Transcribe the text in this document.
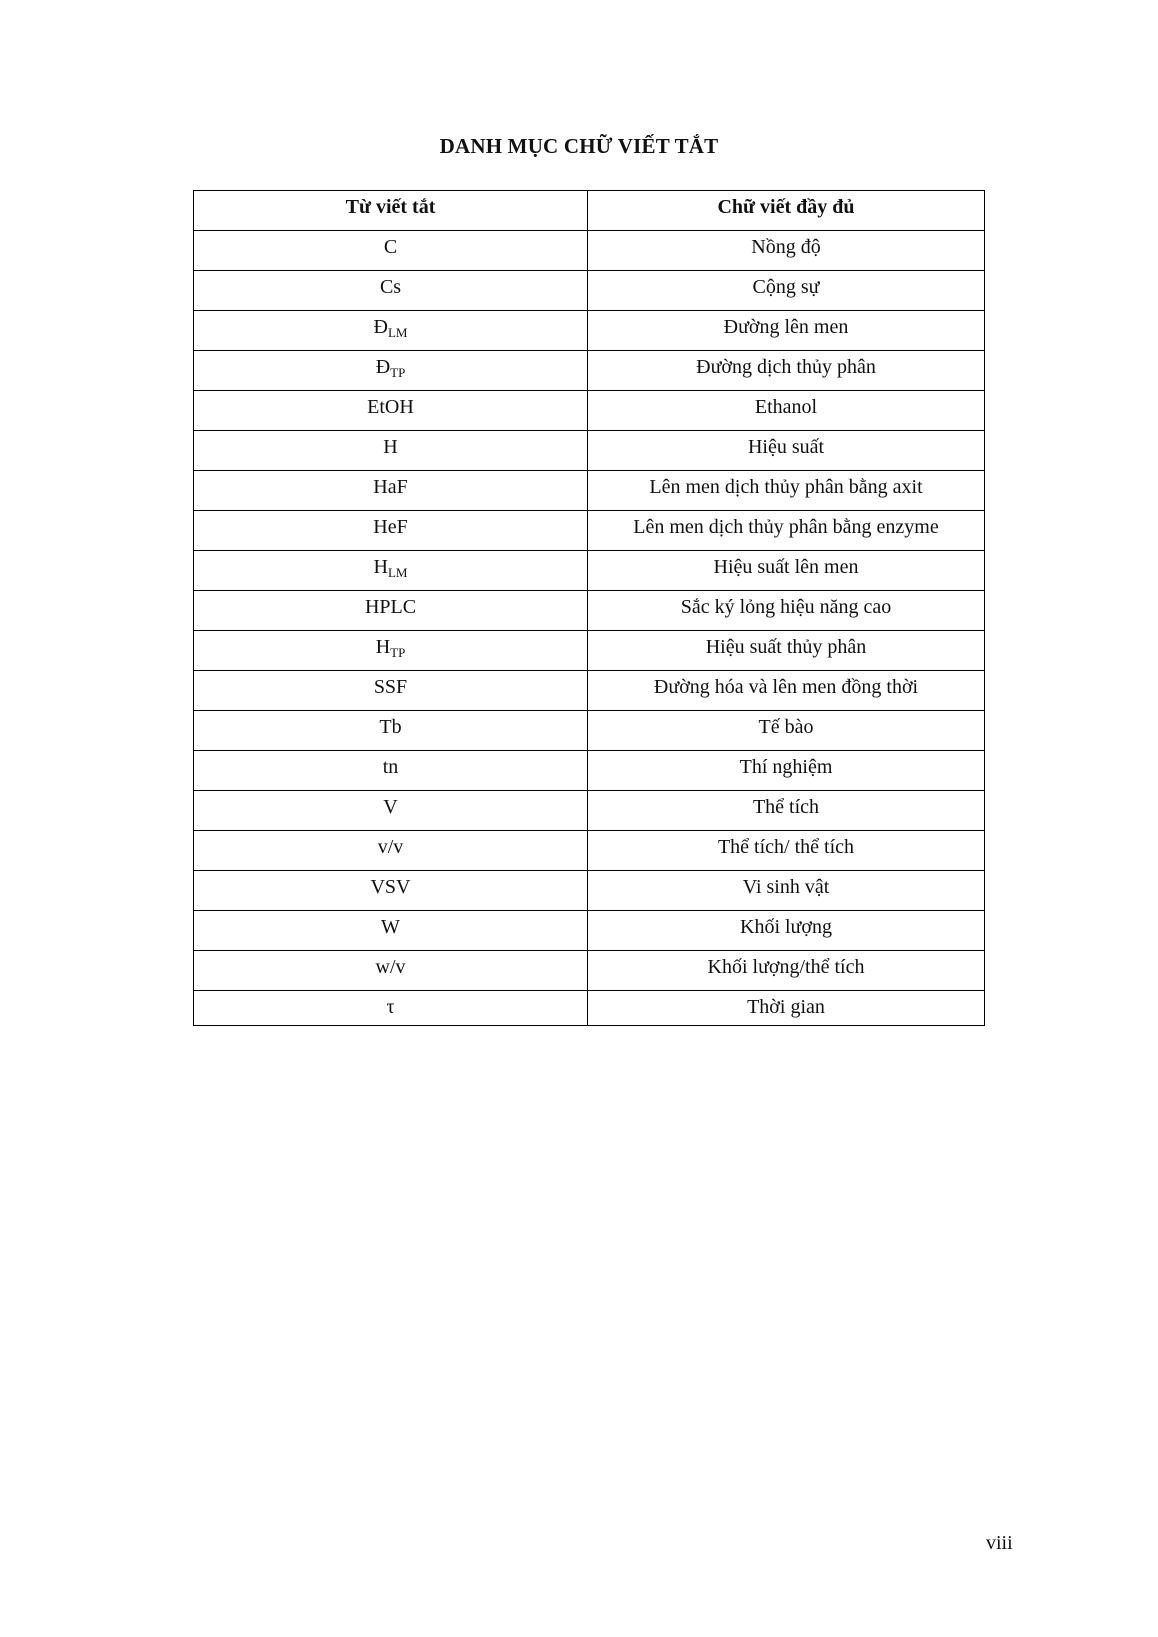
DANH MỤC CHỮ VIẾT TẮT
Từ viết tắt	Chữ viết đầy đủ
C	Nồng độ
Cs	Cộng sự
$Đ_{LM}$	Đường lên men
$Đ_{TP}$	Đường dịch thủy phân
EtOH	Ethanol
H	Hiệu suất
HaF	Lên men dịch thủy phân bằng axit
HeF	Lên men dịch thủy phân bằng enzyme
$H_{LM}$	Hiệu suất lên men
HPLC	Sắc ký lỏng hiệu năng cao
$H_{TP}$	Hiệu suất thủy phân
SSF	Đường hóa và lên men đồng thời
Tb	Tế bào
tn	Thí nghiệm
V	Thể tích
v/v	Thể tích/ thể tích
VSV	Vi sinh vật
W	Khối lượng
w/v	Khối lượng/thể tích
τ	Thời gian
viii
